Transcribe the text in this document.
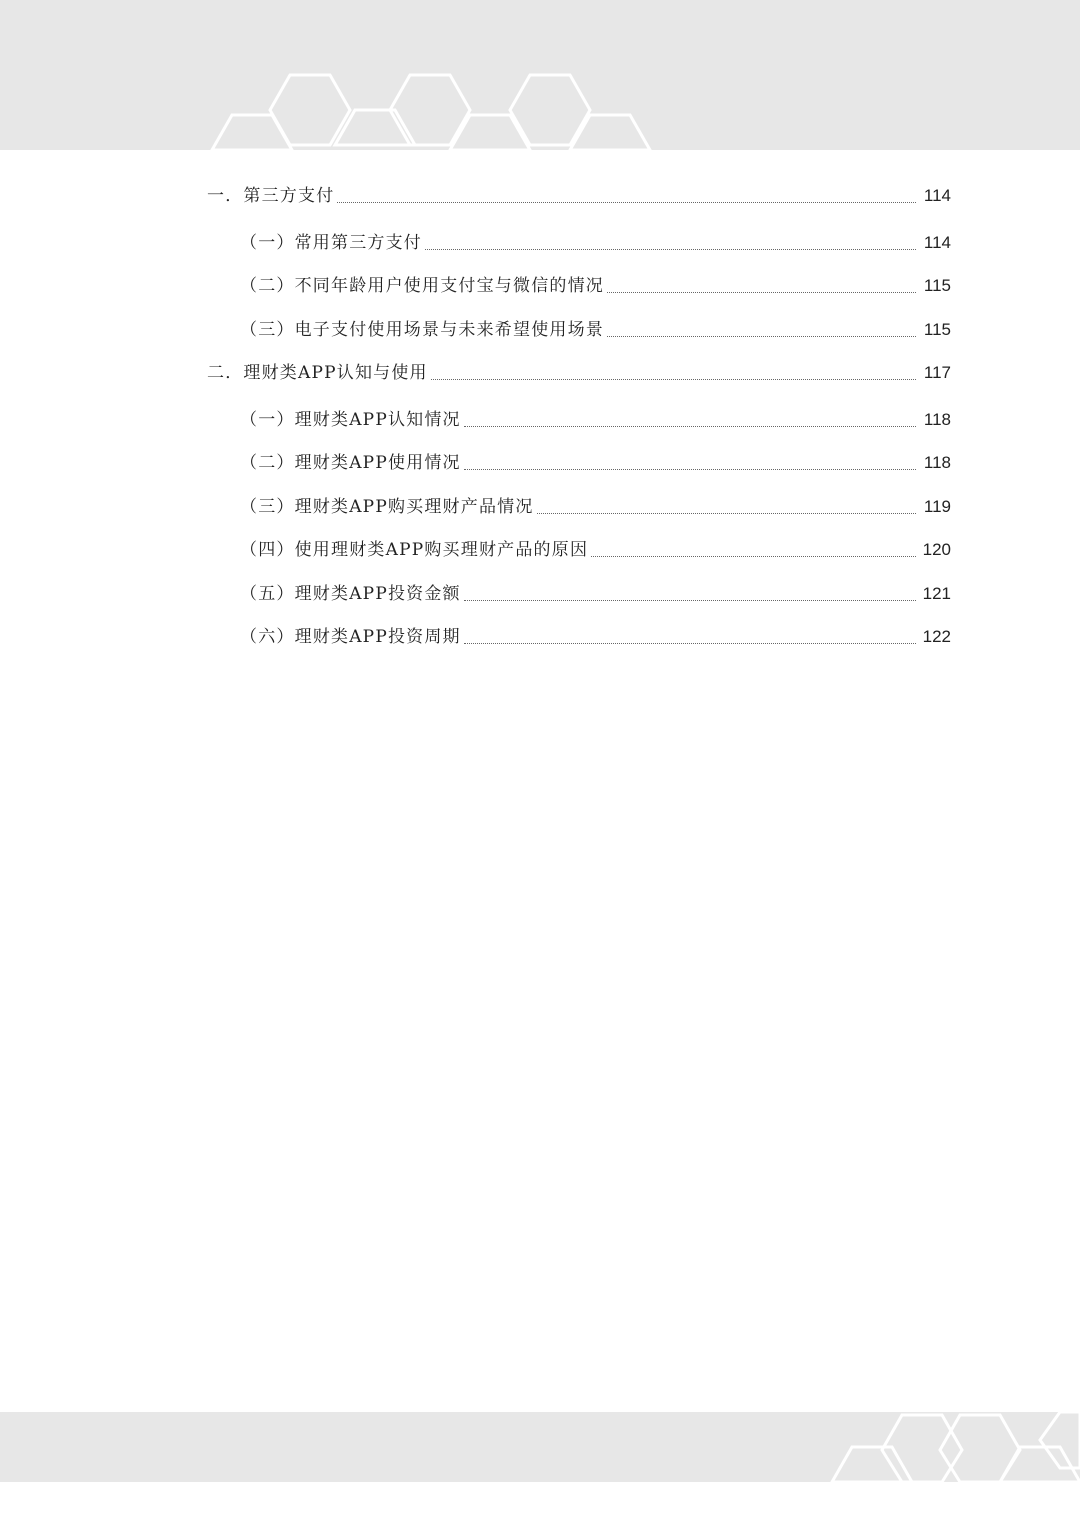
一．第三方支付	114
（一）常用第三方支付	114
（二）不同年龄用户使用支付宝与微信的情况	115
（三）电子支付使用场景与未来希望使用场景	115
二．理财类APP认知与使用	117
（一）理财类APP认知情况	118
（二）理财类APP使用情况	118
（三）理财类APP购买理财产品情况	119
（四）使用理财类APP购买理财产品的原因	120
（五）理财类APP投资金额	121
（六）理财类APP投资周期	122
